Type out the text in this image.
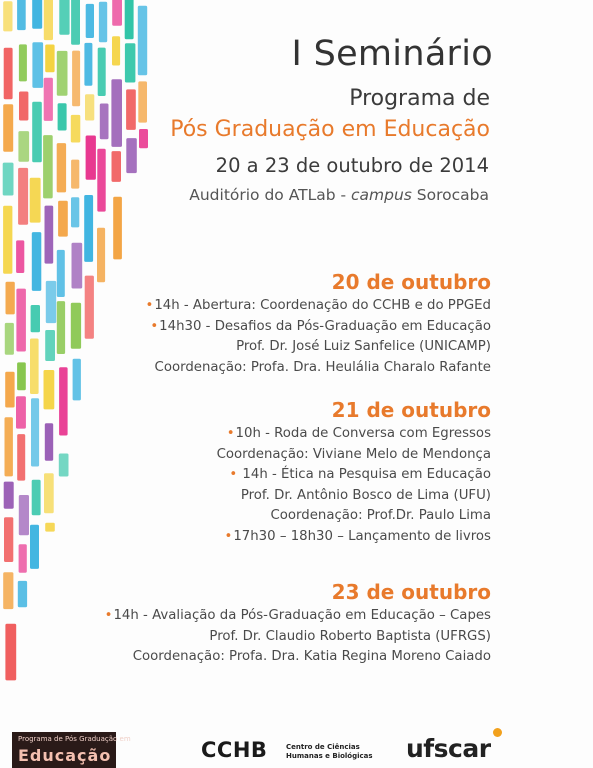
I Seminário
Programa de
Pós Graduação em Educação
20 a 23 de outubro de 2014
Auditório do ATLab - campus Sorocaba
20 de outubro
•14h - Abertura: Coordenação do CCHB e do PPGEd
•14h30 - Desafios da Pós-Graduação em Educação
Prof. Dr. José Luiz Sanfelice (UNICAMP)
Coordenação: Profa. Dra. Heulália Charalo Rafante
21 de outubro
•10h - Roda de Conversa com Egressos
Coordenação: Viviane Melo de Mendonça
• 14h - Ética na Pesquisa em Educação
Prof. Dr. Antônio Bosco de Lima (UFU)
Coordenação: Prof.Dr. Paulo Lima
•17h30 – 18h30 – Lançamento de livros
23 de outubro
•14h - Avaliação da Pós-Graduação em Educação – Capes
Prof. Dr. Claudio Roberto Baptista (UFRGS)
Coordenação: Profa. Dra. Katia Regina Moreno Caiado
Programa de Pós Graduação em
Educação	CCHB	Centro de Ciências
Humanas e Biológicas ufscar
